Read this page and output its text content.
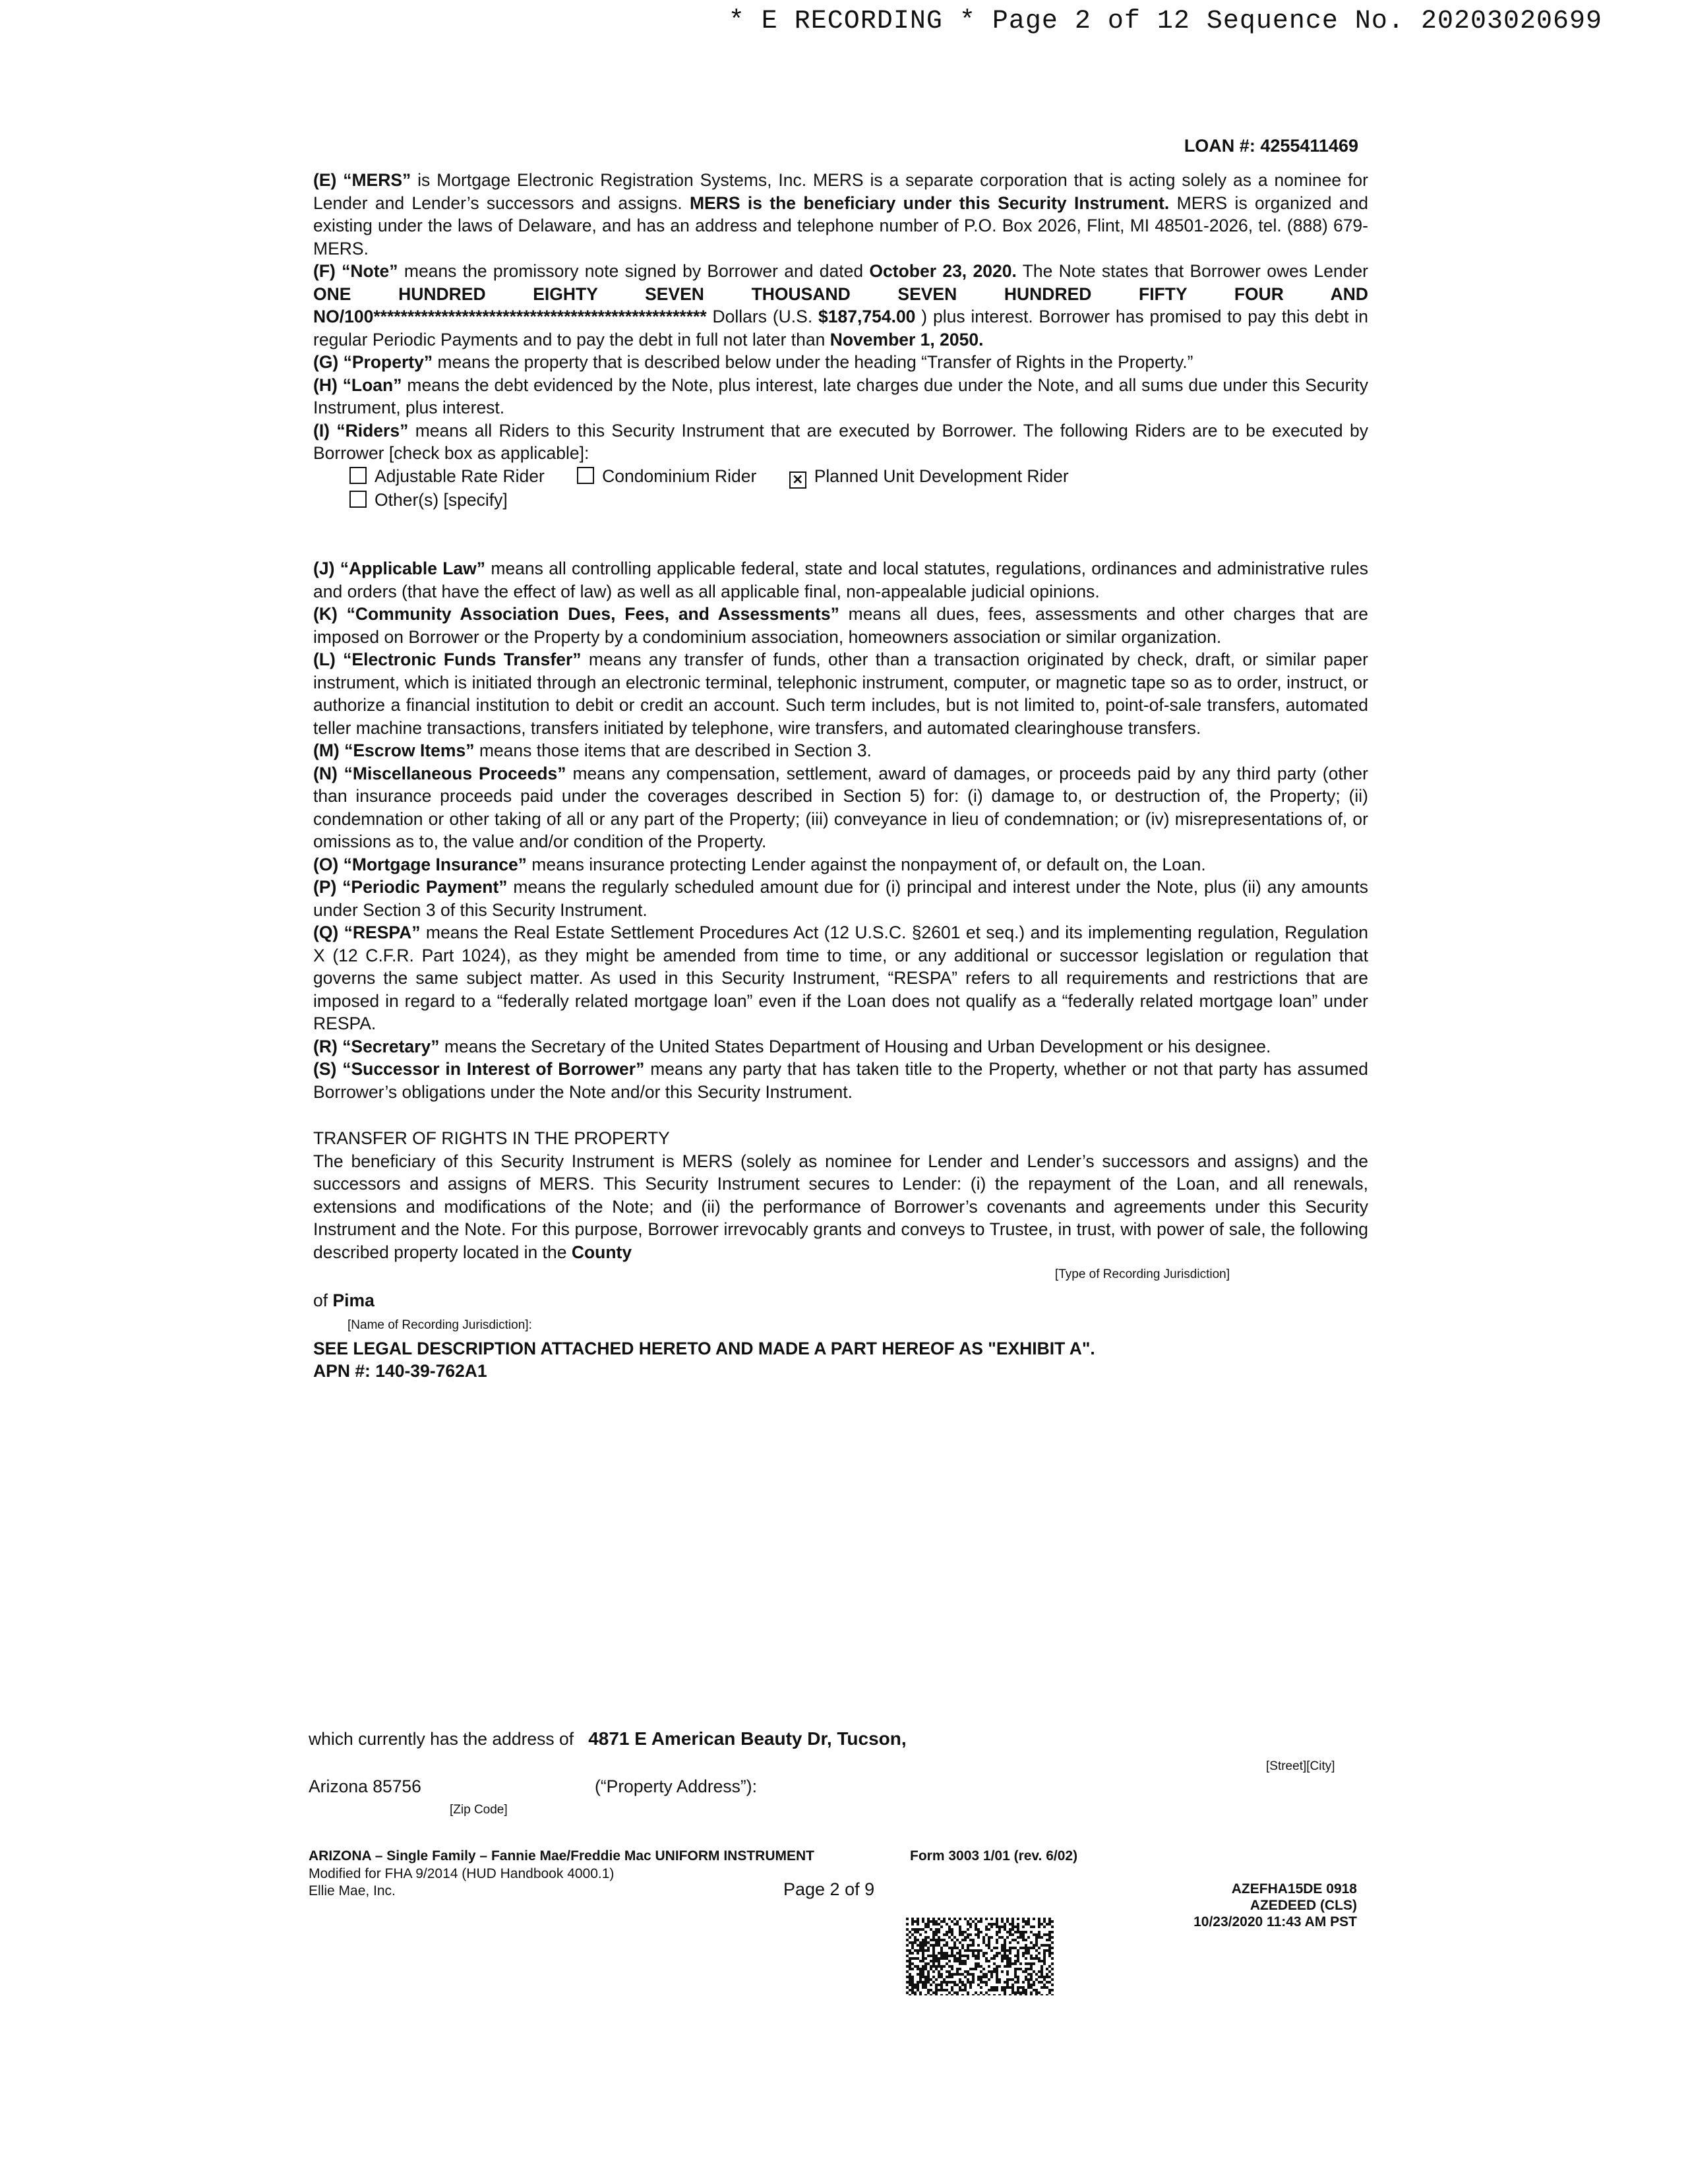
* E RECORDING * Page 2 of 12 Sequence No. 20203020699
LOAN #: 4255411469

(E) “MERS” is Mortgage Electronic Registration Systems, Inc. MERS is a separate corporation that is acting solely as a nominee for Lender and Lender’s successors and assigns. MERS is the beneficiary under this Security Instrument. MERS is organized and existing under the laws of Delaware, and has an address and telephone number of P.O. Box 2026, Flint, MI 48501-2026, tel. (888) 679-MERS.

(F) “Note” means the promissory note signed by Borrower and dated October 23, 2020. The Note states that Borrower owes Lender ONE HUNDRED EIGHTY SEVEN THOUSAND SEVEN HUNDRED FIFTY FOUR AND NO/100************************************************* Dollars (U.S. $187,754.00 ) plus interest. Borrower has promised to pay this debt in regular Periodic Payments and to pay the debt in full not later than November 1, 2050.

(G) “Property” means the property that is described below under the heading “Transfer of Rights in the Property.”

(H) “Loan” means the debt evidenced by the Note, plus interest, late charges due under the Note, and all sums due under this Security Instrument, plus interest.

(I) “Riders” means all Riders to this Security Instrument that are executed by Borrower. The following Riders are to be executed by Borrower [check box as applicable]:

Adjustable Rate Rider	Condominium Rider	✕ Planned Unit Development Rider
Other(s) [specify]

(J) “Applicable Law” means all controlling applicable federal, state and local statutes, regulations, ordinances and administrative rules and orders (that have the effect of law) as well as all applicable final, non-appealable judicial opinions.

(K) “Community Association Dues, Fees, and Assessments” means all dues, fees, assessments and other charges that are imposed on Borrower or the Property by a condominium association, homeowners association or similar organization.

(L) “Electronic Funds Transfer” means any transfer of funds, other than a transaction originated by check, draft, or similar paper instrument, which is initiated through an electronic terminal, telephonic instrument, computer, or magnetic tape so as to order, instruct, or authorize a financial institution to debit or credit an account. Such term includes, but is not limited to, point-of-sale transfers, automated teller machine transactions, transfers initiated by telephone, wire transfers, and automated clearinghouse transfers.

(M) “Escrow Items” means those items that are described in Section 3.

(N) “Miscellaneous Proceeds” means any compensation, settlement, award of damages, or proceeds paid by any third party (other than insurance proceeds paid under the coverages described in Section 5) for: (i) damage to, or destruction of, the Property; (ii) condemnation or other taking of all or any part of the Property; (iii) conveyance in lieu of condemnation; or (iv) misrepresentations of, or omissions as to, the value and/or condition of the Property.

(O) “Mortgage Insurance” means insurance protecting Lender against the nonpayment of, or default on, the Loan.

(P) “Periodic Payment” means the regularly scheduled amount due for (i) principal and interest under the Note, plus (ii) any amounts under Section 3 of this Security Instrument.

(Q) “RESPA” means the Real Estate Settlement Procedures Act (12 U.S.C. §2601 et seq.) and its implementing regulation, Regulation X (12 C.F.R. Part 1024), as they might be amended from time to time, or any additional or successor legislation or regulation that governs the same subject matter. As used in this Security Instrument, “RESPA” refers to all requirements and restrictions that are imposed in regard to a “federally related mortgage loan” even if the Loan does not qualify as a “federally related mortgage loan” under RESPA.

(R) “Secretary” means the Secretary of the United States Department of Housing and Urban Development or his designee.

(S) “Successor in Interest of Borrower” means any party that has taken title to the Property, whether or not that party has assumed Borrower’s obligations under the Note and/or this Security Instrument.

TRANSFER OF RIGHTS IN THE PROPERTY

The beneficiary of this Security Instrument is MERS (solely as nominee for Lender and Lender’s successors and assigns) and the successors and assigns of MERS. This Security Instrument secures to Lender: (i) the repayment of the Loan, and all renewals, extensions and modifications of the Note; and (ii) the performance of Borrower’s covenants and agreements under this Security Instrument and the Note. For this purpose, Borrower irrevocably grants and conveys to Trustee, in trust, with power of sale, the following described property located in the County

[Type of Recording Jurisdiction]

of Pima

[Name of Recording Jurisdiction]:

SEE LEGAL DESCRIPTION ATTACHED HERETO AND MADE A PART HEREOF AS "EXHIBIT A".

APN #: 140-39-762A1

which currently has the address of 4871 E American Beauty Dr, Tucson,
[Street][City]
Arizona 85756	(“Property Address”):
[Zip Code]
ARIZONA – Single Family – Fannie Mae/Freddie Mac UNIFORM INSTRUMENT	Form 3003 1/01 (rev. 6/02)
Modified for FHA 9/2014 (HUD Handbook 4000.1)
Ellie Mae, Inc.	Page 2 of 9	AZEFHA15DE 0918
AZEDEED (CLS)
10/23/2020 11:43 AM PST
